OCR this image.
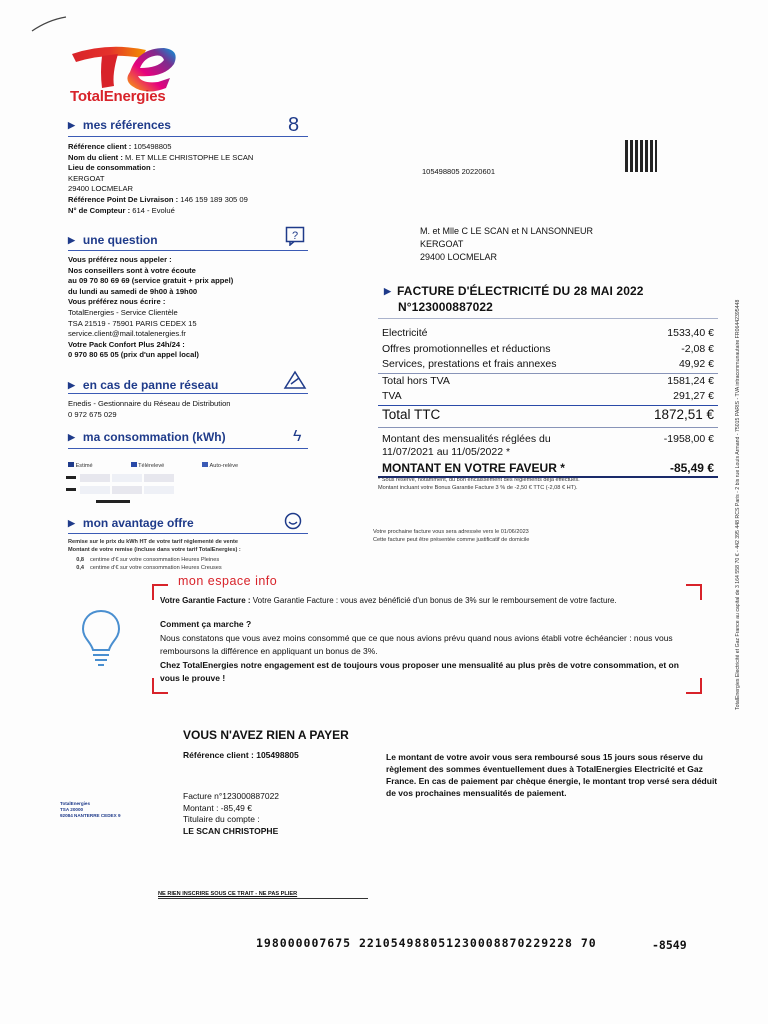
TotalEnergies
▶ mes références	8
Référence client : 105498805
Nom du client : M. ET MLLE CHRISTOPHE LE SCAN
Lieu de consommation :
KERGOAT
29400 LOCMELAR
Référence Point De Livraison : 146 159 189 305 09
N° de Compteur : 614 - Evolué
▶ une question	?
Vous préférez nous appeler :
Nos conseillers sont à votre écoute
au 09 70 80 69 69 (service gratuit + prix appel)
du lundi au samedi de 9h00 à 19h00
Vous préférez nous écrire :
TotalEnergies - Service Clientèle
TSA 21519 - 75901 PARIS CEDEX 15
service.client@mail.totalenergies.fr
Votre Pack Confort Plus 24h/24 :
0 970 80 65 05 (prix d'un appel local)
▶ en cas de panne réseau
Enedis - Gestionnaire du Réseau de Distribution
0 972 675 029
▶ ma consommation (kWh)	ϟ
Estimé	Télérelevé	Auto-relève
▶ mon avantage offre
Remise sur le prix du kWh HT de votre tarif réglementé de vente
Montant de votre remise (incluse dans votre tarif TotalEnergies) :
0,8 centime d'€ sur votre consommation Heures Pleines
0,4 centime d'€ sur votre consommation Heures Creuses
105498805 20220601
M. et Mlle C LE SCAN et N LANSONNEUR
KERGOAT
29400 LOCMELAR
▶ FACTURE D'ÉLECTRICITÉ DU 28 MAI 2022
N°123000887022
Electricité	1533,40 €
Offres promotionnelles et réductions	-2,08 €
Services, prestations et frais annexes	49,92 €
Total hors TVA	1581,24 €
TVA	291,27 €
Total TTC	1872,51 €
Montant des mensualités réglées du 11/07/2021 au 11/05/2022 *
-1958,00 €
MONTANT EN VOTRE FAVEUR *	-85,49 €
* Sous réserve, notamment, du bon encaissement des règlements déjà effectués.
Montant incluant votre Bonus Garantie Facture 3 % de -2,50 € TTC (-2,08 € HT).
Votre prochaine facture vous sera adressée vers le 01/06/2023
Cette facture peut être présentée comme justificatif de domicile	TotalEnergies Electricité et Gaz France au capital de 3 164 558 70 € - 442 395 448 RCS Paris - 2 bis rue Louis Armand - 75015 PARIS - TVA intracommunautaire FR06442395448
mon espace info
Votre Garantie Facture : Votre Garantie Facture : vous avez bénéficié d'un bonus de 3% sur le remboursement de votre facture.
Comment ça marche ?
Nous constatons que vous avez moins consommé que ce que nous avions prévu quand nous avions établi votre échéancier : nous vous remboursons la différence en appliquant un bonus de 3%.
Chez TotalEnergies notre engagement est de toujours vous proposer une mensualité au plus près de votre consommation, et on vous le prouve !
VOUS N'AVEZ RIEN A PAYER
Référence client : 105498805
Facture n°123000887022
Montant : -85,49 €
Titulaire du compte :
LE SCAN CHRISTOPHE
Le montant de votre avoir vous sera remboursé sous 15 jours sous réserve du règlement des sommes éventuellement dues à TotalEnergies Electricité et Gaz France. En cas de paiement par chèque énergie, le montant trop versé sera déduit de vos prochaines mensualités de paiement.
TotalEnergies
TSA 20000
92084 NANTERRE CEDEX 9
NE RIEN INSCRIRE SOUS CE TRAIT - NE PAS PLIER
198000007675 221054988051230008870229228 70	-8549
